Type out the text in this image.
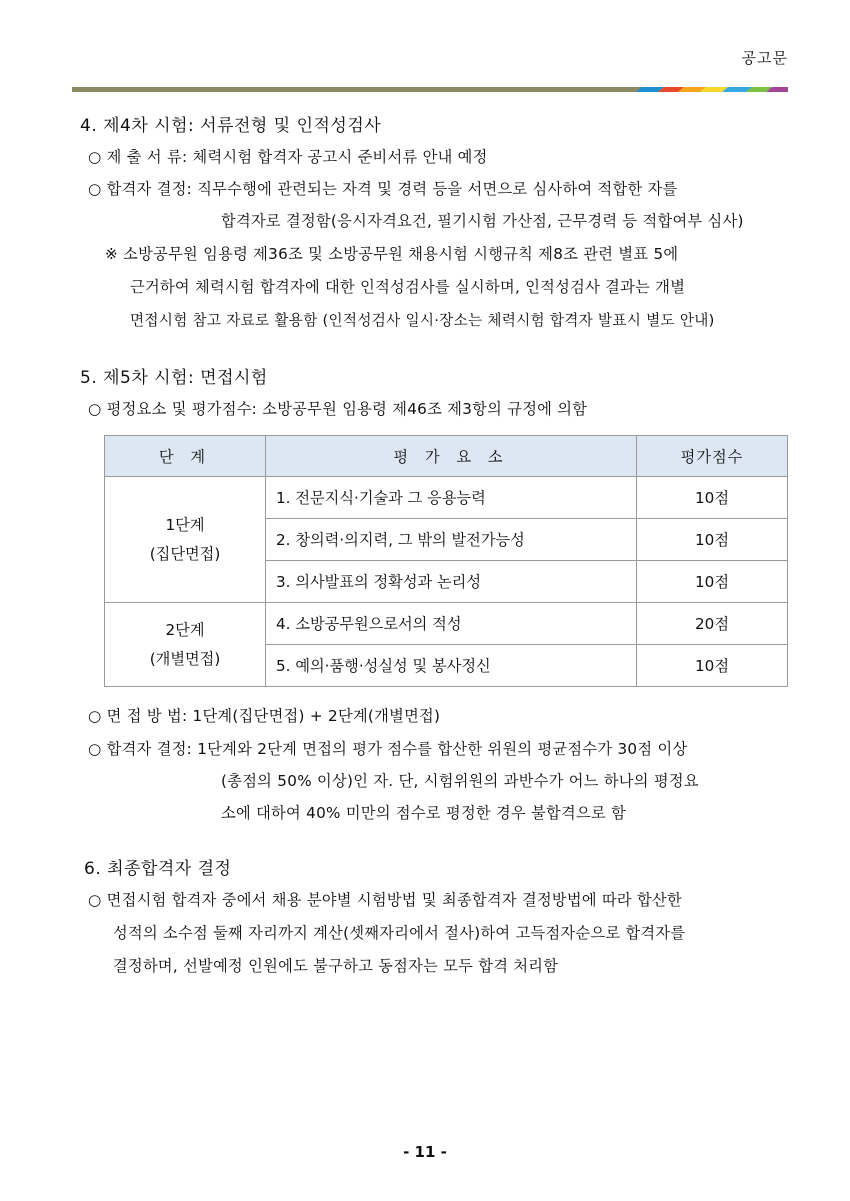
공고문
4. 제4차 시험: 서류전형 및 인적성검사
○ 제 출 서 류: 체력시험 합격자 공고시 준비서류 안내 예정
○ 합격자 결정: 직무수행에 관련되는 자격 및 경력 등을 서면으로 심사하여 적합한 자를
합격자로 결정함(응시자격요건, 필기시험 가산점, 근무경력 등 적합여부 심사)
※ 소방공무원 임용령 제36조 및 소방공무원 채용시험 시행규칙 제8조 관련 별표 5에
근거하여 체력시험 합격자에 대한 인적성검사를 실시하며, 인적성검사 결과는 개별
면접시험 참고 자료로 활용함 (인적성검사 일시·장소는 체력시험 합격자 발표시 별도 안내)
5. 제5차 시험: 면접시험
○ 평정요소 및 평가점수: 소방공무원 임용령 제46조 제3항의 규정에 의함
단 계	평 가 요 소	평가점수

1단계
(집단면접)	1. 전문지식·기술과 그 응용능력	10점
	2. 창의력·의지력, 그 밖의 발전가능성	10점
	3. 의사발표의 정확성과 논리성	10점

2단계
(개별면접)	4. 소방공무원으로서의 적성	20점
	5. 예의·품행·성실성 및 봉사정신	10점
○ 면 접 방 법: 1단계(집단면접) + 2단계(개별면접)
○ 합격자 결정: 1단계와 2단계 면접의 평가 점수를 합산한 위원의 평균점수가 30점 이상
(총점의 50% 이상)인 자. 단, 시험위원의 과반수가 어느 하나의 평정요
소에 대하여 40% 미만의 점수로 평정한 경우 불합격으로 함
6. 최종합격자 결정
○ 면접시험 합격자 중에서 채용 분야별 시험방법 및 최종합격자 결정방법에 따라 합산한
성적의 소수점 둘째 자리까지 계산(셋째자리에서 절사)하여 고득점자순으로 합격자를
결정하며, 선발예정 인원에도 불구하고 동점자는 모두 합격 처리함
- 11 -
